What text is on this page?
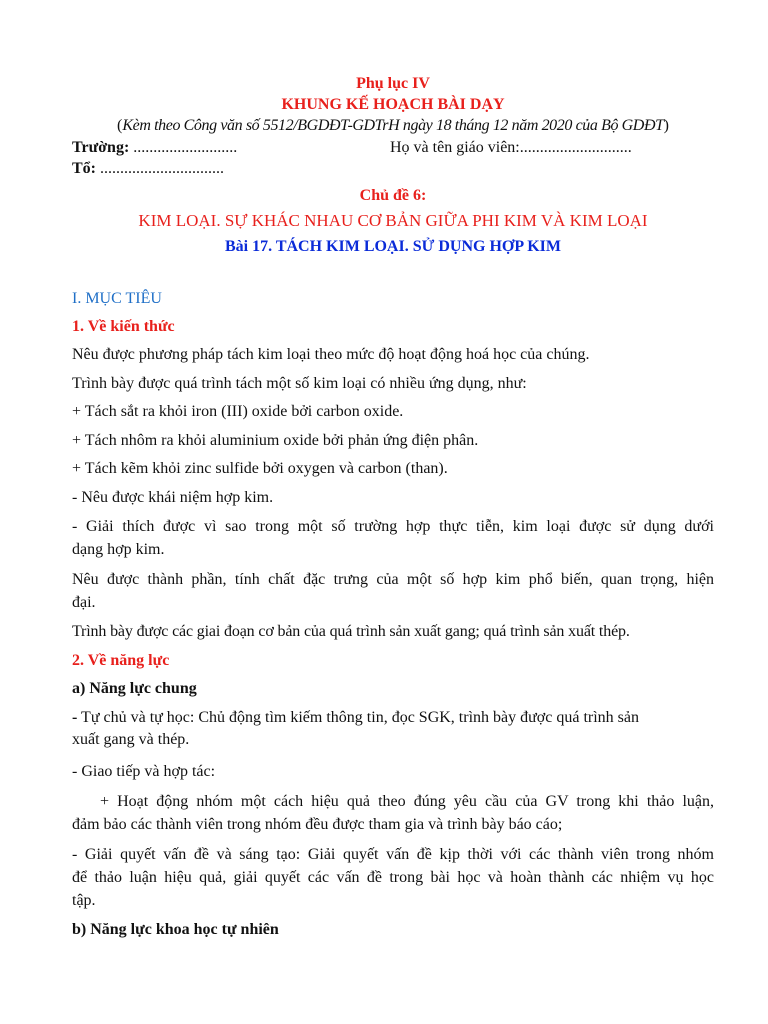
Phụ lục IV
KHUNG KẾ HOẠCH BÀI DẠY
(Kèm theo Công văn số 5512/BGDĐT-GDTrH ngày 18 tháng 12 năm 2020 của Bộ GDĐT)
Trường: ..........................	Họ và tên giáo viên:............................
Tổ: ...............................
Chủ đề 6:
KIM LOẠI. SỰ KHÁC NHAU CƠ BẢN GIỮA PHI KIM VÀ KIM LOẠI
Bài 17. TÁCH KIM LOẠI. SỬ DỤNG HỢP KIM
I. MỤC TIÊU
1. Về kiến thức
Nêu được phương pháp tách kim loại theo mức độ hoạt động hoá học của chúng.
Trình bày được quá trình tách một số kim loại có nhiều ứng dụng, như:
+ Tách sắt ra khỏi iron (III) oxide bởi carbon oxide.
+ Tách nhôm ra khỏi aluminium oxide bởi phản ứng điện phân.
+ Tách kẽm khỏi zinc sulfide bởi oxygen và carbon (than).
- Nêu được khái niệm hợp kim.
- Giải thích được vì sao trong một số trường hợp thực tiễn, kim loại được sử dụng dưới
dạng hợp kim.
Nêu được thành phần, tính chất đặc trưng của một số hợp kim phổ biến, quan trọng, hiện
đại.
Trình bày được các giai đoạn cơ bản của quá trình sản xuất gang; quá trình sản xuất thép.
2. Về năng lực
a) Năng lực chung
- Tự chủ và tự học: Chủ động tìm kiếm thông tin, đọc SGK, trình bày được quá trình sản
xuất gang và thép.
- Giao tiếp và hợp tác:
+ Hoạt động nhóm một cách hiệu quả theo đúng yêu cầu của GV trong khi thảo luận,
đảm bảo các thành viên trong nhóm đều được tham gia và trình bày báo cáo;
- Giải quyết vấn đề và sáng tạo: Giải quyết vấn đề kịp thời với các thành viên trong nhóm
để thảo luận hiệu quả, giải quyết các vấn đề trong bài học và hoàn thành các nhiệm vụ học
tập.
b) Năng lực khoa học tự nhiên
